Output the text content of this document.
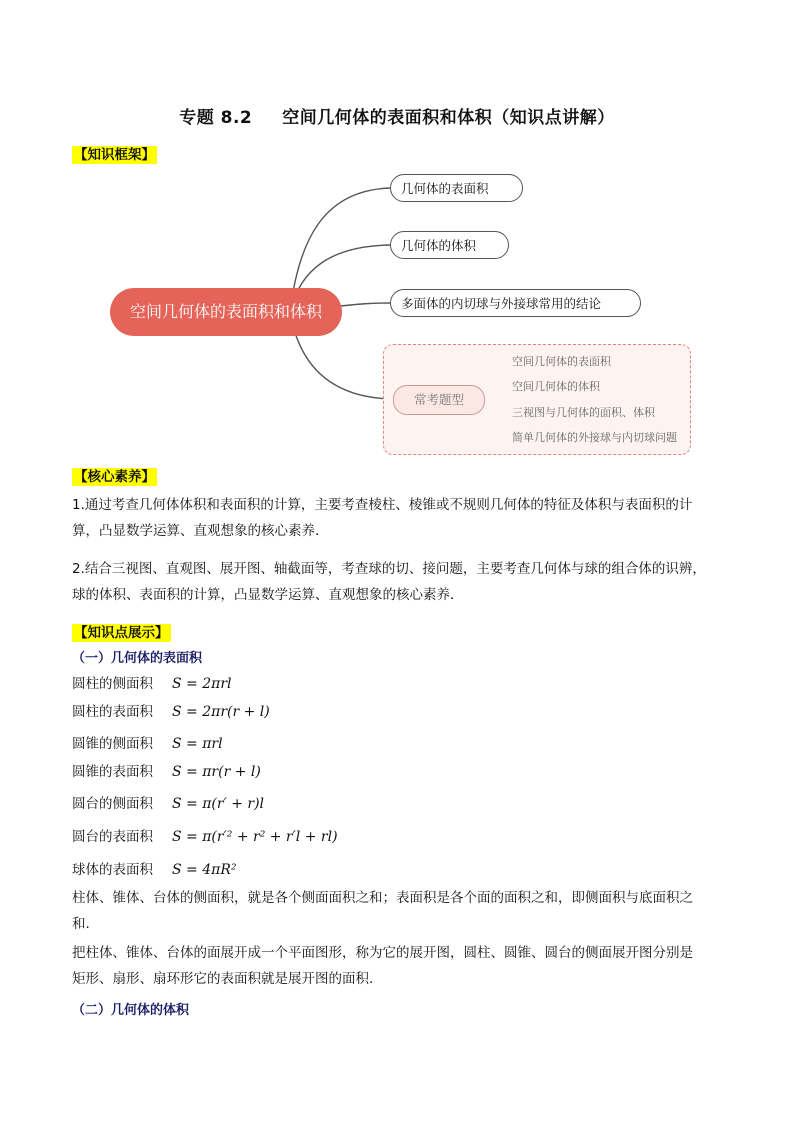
专题 8.2 空间几何体的表面积和体积（知识点讲解）
【知识框架】
空间几何体的表面积和体积
几何体的表面积
几何体的体积
多面体的内切球与外接球常用的结论
常考题型
空间几何体的表面积
空间几何体的体积
三视图与几何体的面积、体积
简单几何体的外接球与内切球问题
【核心素养】
1.通过考查几何体体积和表面积的计算，主要考查棱柱、棱锥或不规则几何体的特征及体积与表面积的计
算，凸显数学运算、直观想象的核心素养．
2.结合三视图、直观图、展开图、轴截面等，考查球的切、接问题，主要考查几何体与球的组合体的识辨，
球的体积、表面积的计算，凸显数学运算、直观想象的核心素养．
【知识点展示】
（一）几何体的表面积
圆柱的侧面积 S = 2πrl
圆柱的表面积 S = 2πr(r + l)
圆锥的侧面积 S = πrl
圆锥的表面积 S = πr(r + l)
圆台的侧面积 S = π(r′ + r)l
圆台的表面积 S = π(r′² + r² + r′l + rl)
球体的表面积 S = 4πR²
柱体、锥体、台体的侧面积，就是各个侧面面积之和；表面积是各个面的面积之和，即侧面积与底面积之
和.
把柱体、锥体、台体的面展开成一个平面图形，称为它的展开图，圆柱、圆锥、圆台的侧面展开图分别是
矩形、扇形、扇环形它的表面积就是展开图的面积.
（二）几何体的体积
